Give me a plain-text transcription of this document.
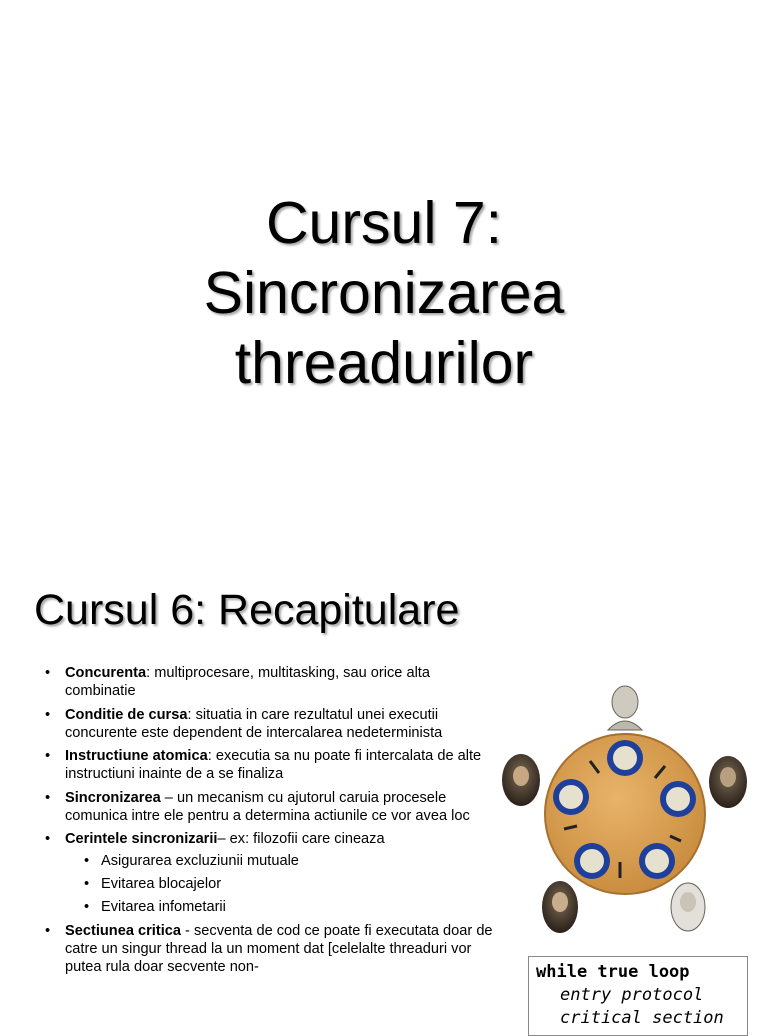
Cursul 7:
Sincronizarea
threadurilor
Cursul 6: Recapitulare
• Concurenta: multiprocesare, multitasking, sau orice alta combinatie
• Conditie de cursa: situatia in care rezultatul unei executii concurente este dependent de intercalarea nedeterminista
• Instructiune atomica: executia sa nu poate fi intercalata de alte instructiuni inainte de a se finaliza
• Sincronizarea – un mecanism cu ajutorul caruia procesele comunica intre ele pentru a determina actiunile ce vor avea loc
• Cerintele sincronizarii– ex: filozofii care cineaza
• Asigurarea excluziunii mutuale
• Evitarea blocajelor
• Evitarea infometarii
• Sectiunea critica - secventa de cod ce poate fi executata doar de catre un singur thread la un moment dat [celelalte threaduri vor putea rula doar secvente non-	while true loop
entry protocol
critical section
